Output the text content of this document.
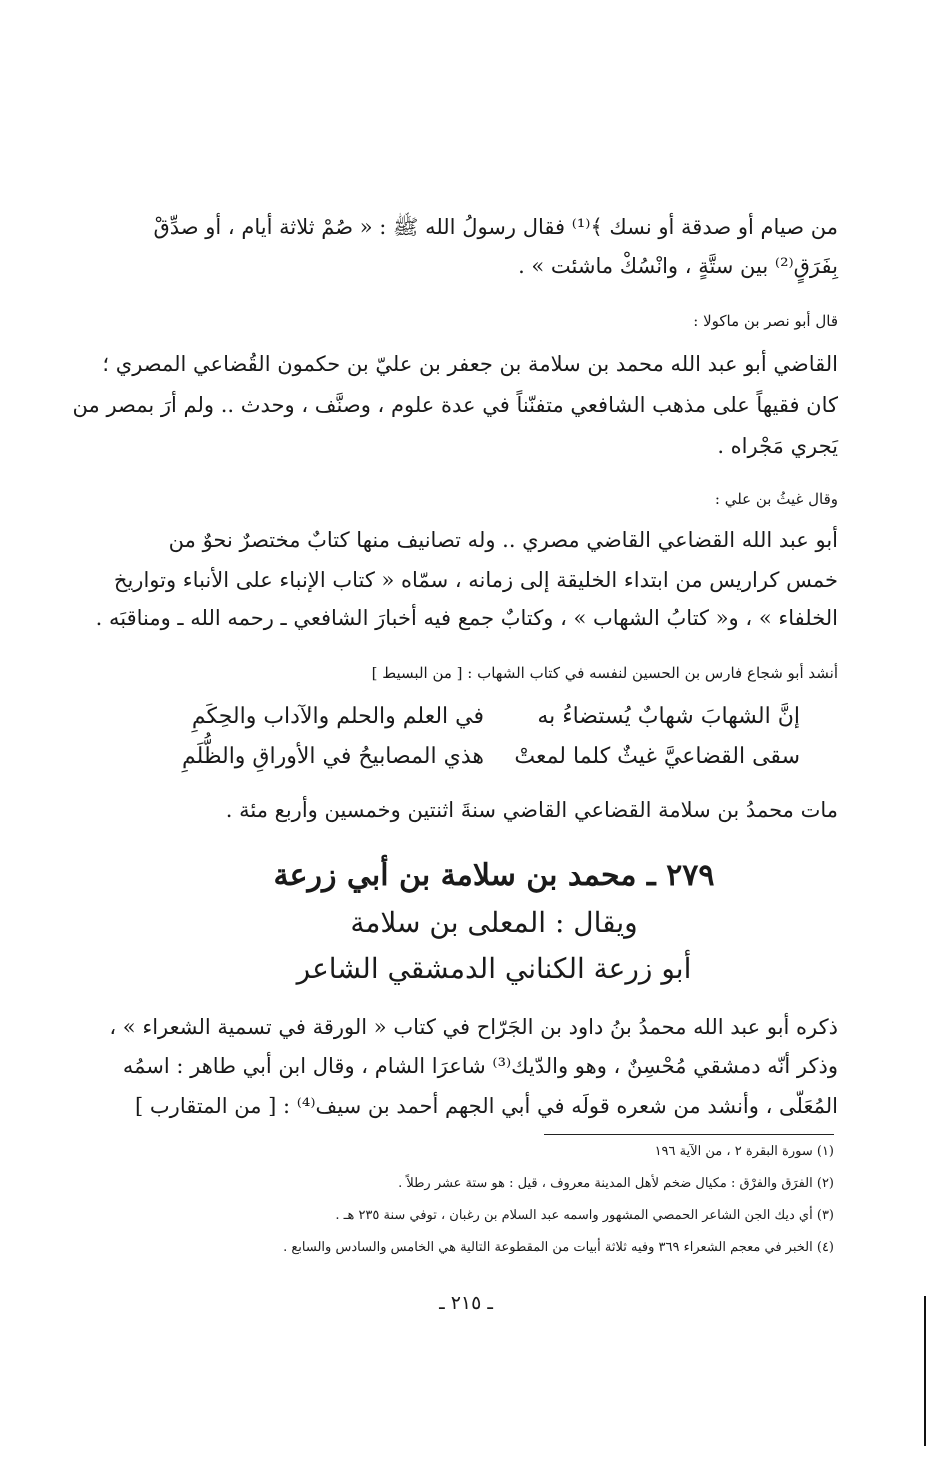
من صيام أو صدقة أو نسك ﴾⁽¹⁾ فقال رسولُ الله ﷺ : « صُمْ ثلاثة أيام ، أو صدِّقْ
بِفَرَقٍ⁽²⁾ بين ستَّةٍ ، وانْسُكْ ماشئت » .
قال أبو نصر بن ماكولا :
القاضي أبو عبد الله محمد بن سلامة بن جعفر بن عليّ بن حكمون القُضاعي المصري ؛
كان فقيهاً على مذهب الشافعي متفنّناً في عدة علوم ، وصنَّف ، وحدث .. ولم أرَ بمصر من
يَجري مَجْراه .
وقال غيثُ بن علي :
أبو عبد الله القضاعي القاضي مصري .. وله تصانيف منها كتابٌ مختصرٌ نحوٌ من
خمس كراريس من ابتداء الخليقة إلى زمانه ، سمّاه « كتاب الإنباء على الأنباء وتواريخ
الخلفاء » ، و« كتابُ الشهاب » ، وكتابٌ جمع فيه أخبارَ الشافعي ـ رحمه الله ـ ومناقبَه .
أنشد أبو شجاع فارس بن الحسين لنفسه في كتاب الشهاب : [ من البسيط ]
إنَّ الشهابَ شهابٌ يُستضاءُ به
في العلم والحلم والآداب والحِكَمِ
سقى القضاعيَّ غيثٌ كلما لمعتْ
هذي المصابيحُ في الأوراقِ والظُّلَمِ
مات محمدُ بن سلامة القضاعي القاضي سنةَ اثنتين وخمسين وأربع مئة .
٢٧٩ ـ محمد بن سلامة بن أبي زرعة
ويقال : المعلى بن سلامة
أبو زرعة الكناني الدمشقي الشاعر
ذكره أبو عبد الله محمدُ بنُ داود بن الجَرّاح في كتاب « الورقة في تسمية الشعراء » ،
وذكر أنّه دمشقي مُحْسِنٌ ، وهو والدّيك⁽³⁾ شاعرَا الشام ، وقال ابن أبي طاهر : اسمُه
المُعَلّى ، وأنشد من شعره قولَه في أبي الجهم أحمد بن سيف⁽⁴⁾ : [ من المتقارب ]
(١) سورة البقرة ٢ ، من الآية ١٩٦
(٢) الفرَق والفرْق : مكيال ضخم لأهل المدينة معروف ، قيل : هو ستة عشر رطلاً .
(٣) أي ديك الجن الشاعر الحمصي المشهور واسمه عبد السلام بن رغبان ، توفي سنة ٢٣٥ هـ .
(٤) الخبر في معجم الشعراء ٣٦٩ وفيه ثلاثة أبيات من المقطوعة التالية هي الخامس والسادس والسابع .
ـ ٢١٥ ـ
